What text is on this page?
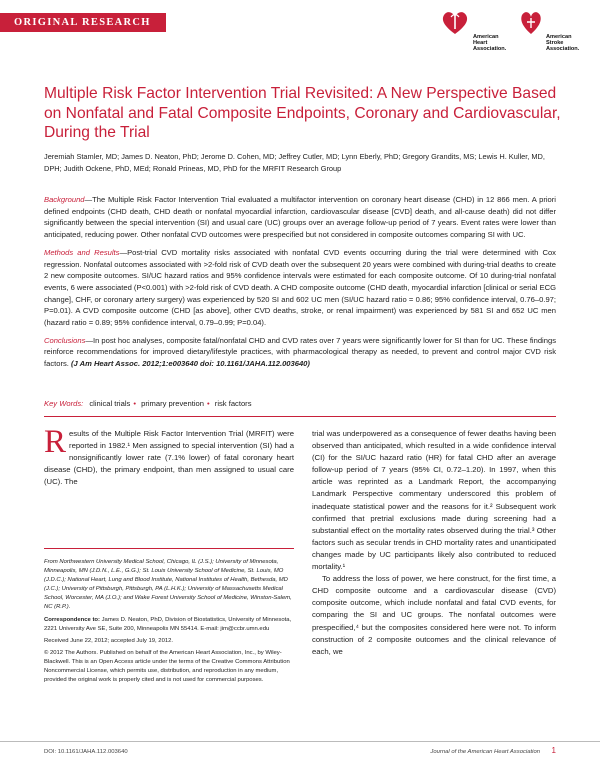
ORIGINAL RESEARCH
American Heart Association.
American Stroke Association.
Multiple Risk Factor Intervention Trial Revisited: A New Perspective Based on Nonfatal and Fatal Composite Endpoints, Coronary and Cardiovascular, During the Trial
Jeremiah Stamler, MD; James D. Neaton, PhD; Jerome D. Cohen, MD; Jeffrey Cutler, MD; Lynn Eberly, PhD; Gregory Grandits, MS; Lewis H. Kuller, MD, DPH; Judith Ockene, PhD, MEd; Ronald Prineas, MD, PhD for the MRFIT Research Group

Background—The Multiple Risk Factor Intervention Trial evaluated a multifactor intervention on coronary heart disease (CHD) in 12 866 men. A priori defined endpoints (CHD death, CHD death or nonfatal myocardial infarction, cardiovascular disease [CVD] death, and all-cause death) did not differ significantly between the special intervention (SI) and usual care (UC) groups over an average follow-up period of 7 years. Event rates were lower than anticipated, reducing power. Other nonfatal CVD outcomes were prespecified but not considered in composite outcomes comparing SI with UC.

Methods and Results—Post-trial CVD mortality risks associated with nonfatal CVD events occurring during the trial were determined with Cox regression. Nonfatal outcomes associated with >2-fold risk of CVD death over the subsequent 20 years were combined with during-trial deaths to create 2 new composite outcomes. SI/UC hazard ratios and 95% confidence intervals were estimated for each composite outcome. Of 10 during-trial nonfatal events, 6 were associated (P<0.001) with >2-fold risk of CVD death. A CHD composite outcome (CHD death, myocardial infarction [clinical or serial ECG change], CHF, or coronary artery surgery) was experienced by 520 SI and 602 UC men (SI/UC hazard ratio = 0.86; 95% confidence interval, 0.76–0.97; P=0.01). A CVD composite outcome (CHD [as above], other CVD deaths, stroke, or renal impairment) was experienced by 581 SI and 652 UC men (hazard ratio = 0.89; 95% confidence interval, 0.79–0.99; P=0.04).

Conclusions—In post hoc analyses, composite fatal/nonfatal CHD and CVD rates over 7 years were significantly lower for SI than for UC. These findings reinforce recommendations for improved dietary/lifestyle practices, with pharmacological therapy as needed, to prevent and control major CVD risk factors. (J Am Heart Assoc. 2012;1:e003640 doi: 10.1161/JAHA.112.003640)

Key Words: clinical trials • primary prevention • risk factors

Results of the Multiple Risk Factor Intervention Trial (MRFIT) were reported in 1982.¹ Men assigned to special intervention (SI) had a nonsignificantly lower rate (7.1% lower) of fatal coronary heart disease (CHD), the primary endpoint, than men assigned to usual care (UC). The

From Northwestern University Medical School, Chicago, IL (J.S.); University of Minnesota, Minneapolis, MN (J.D.N., L.E., G.G.); St. Louis University School of Medicine, St. Louis, MO (J.D.C.); National Heart, Lung and Blood Institute, National Institutes of Health, Bethesda, MD (J.C.); University of Pittsburgh, Pittsburgh, PA (L.H.K.); University of Massachusetts Medical School, Worcester, MA (J.O.); and Wake Forest University School of Medicine, Winston-Salem, NC (R.P.).

Correspondence to: James D. Neaton, PhD, Division of Biostatistics, University of Minnesota, 2221 University Ave SE, Suite 200, Minneapolis MN 55414. E-mail: jim@ccbr.umn.edu

Received June 22, 2012; accepted July 19, 2012.

© 2012 The Authors. Published on behalf of the American Heart Association, Inc., by Wiley-Blackwell. This is an Open Access article under the terms of the Creative Commons Attribution Noncommercial License, which permits use, distribution, and reproduction in any medium, provided the original work is properly cited and is not used for commercial purposes.

trial was underpowered as a consequence of fewer deaths having been observed than anticipated, which resulted in a wide confidence interval (CI) for the SI/UC hazard ratio (HR) for fatal CHD after an average follow-up period of 7 years (95% CI, 0.72–1.20). In 1997, when this article was reprinted as a Landmark Report, the accompanying Landmark Perspective commentary underscored this problem of inadequate statistical power and the reasons for it.² Subsequent work confirmed that pretrial exclusions made during screening had a substantial effect on the mortality rates observed during the trial.³ Other factors such as secular trends in CHD mortality rates and unanticipated changes made by UC participants likely also contributed to reduced mortality.¹

To address the loss of power, we here construct, for the first time, a CHD composite outcome and a cardiovascular disease (CVD) composite outcome, which include nonfatal and fatal CVD events, for comparing the SI and UC groups. The nonfatal outcomes were prespecified,⁴ but the composites considered here were not. To inform construction of 2 composite outcomes and the clinical relevance of each, we

DOI: 10.1161/JAHA.112.003640	Journal of the American Heart Association 1
